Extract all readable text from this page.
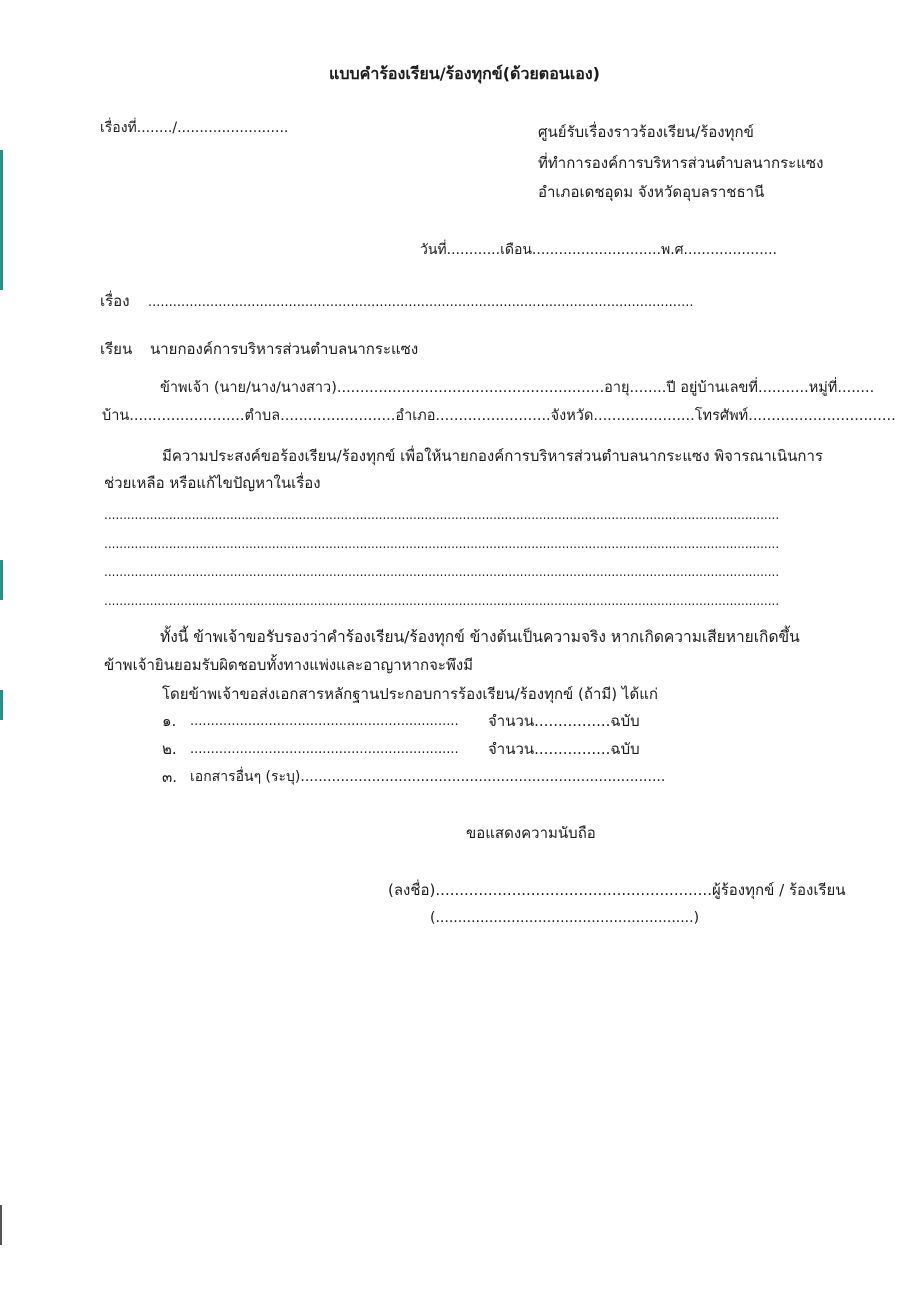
แบบคำร้องเรียน/ร้องทุกข์(ด้วยตอนเอง)
เรื่องที่......../.........................	ศูนย์รับเรื่องราวร้องเรียน/ร้องทุกข์
ที่ทำการองค์การบริหารส่วนตำบลนากระแซง
อำเภอเดชอุดม จังหวัดอุบลราชธานี
วันที่............เดือน.............................พ.ศ.....................
เรื่อง ....................................................................................................................................
เรียน นายกองค์การบริหารส่วนตำบลนากระแซง
ข้าพเจ้า (นาย/นาง/นางสาว)..........................................................อายุ........ปี อยู่บ้านเลขที่...........หมู่ที่........
บ้าน.........................ตำบล.........................อำเภอ.........................จังหวัด......................โทรศัพท์................................
มีความประสงค์ขอร้องเรียน/ร้องทุกข์ เพื่อให้นายกองค์การบริหารส่วนตำบลนากระแซง พิจารณาเนินการ
ช่วยเหลือ หรือแก้ไขปัญหาในเรื่อง
.................................................................................................................................................................................
.................................................................................................................................................................................
.................................................................................................................................................................................
.................................................................................................................................................................................
ทั้งนี้ ข้าพเจ้าขอรับรองว่าคำร้องเรียน/ร้องทุกข์ ข้างต้นเป็นความจริง หากเกิดความเสียหายเกิดขึ้น
ข้าพเจ้ายินยอมรับผิดชอบทั้งทางแพ่งและอาญาหากจะพึงมี
โดยข้าพเจ้าขอส่งเอกสารหลักฐานประกอบการร้องเรียน/ร้องทุกข์ (ถ้ามี) ได้แก่
๑. ................................................................. จำนวน................ฉบับ
๒. ................................................................. จำนวน................ฉบับ
๓. เอกสารอื่นๆ (ระบุ)..................................................................................
ขอแสดงความนับถือ
(ลงชื่อ)..........................................................ผู้ร้องทุกข์ / ร้องเรียน
(..........................................................)
